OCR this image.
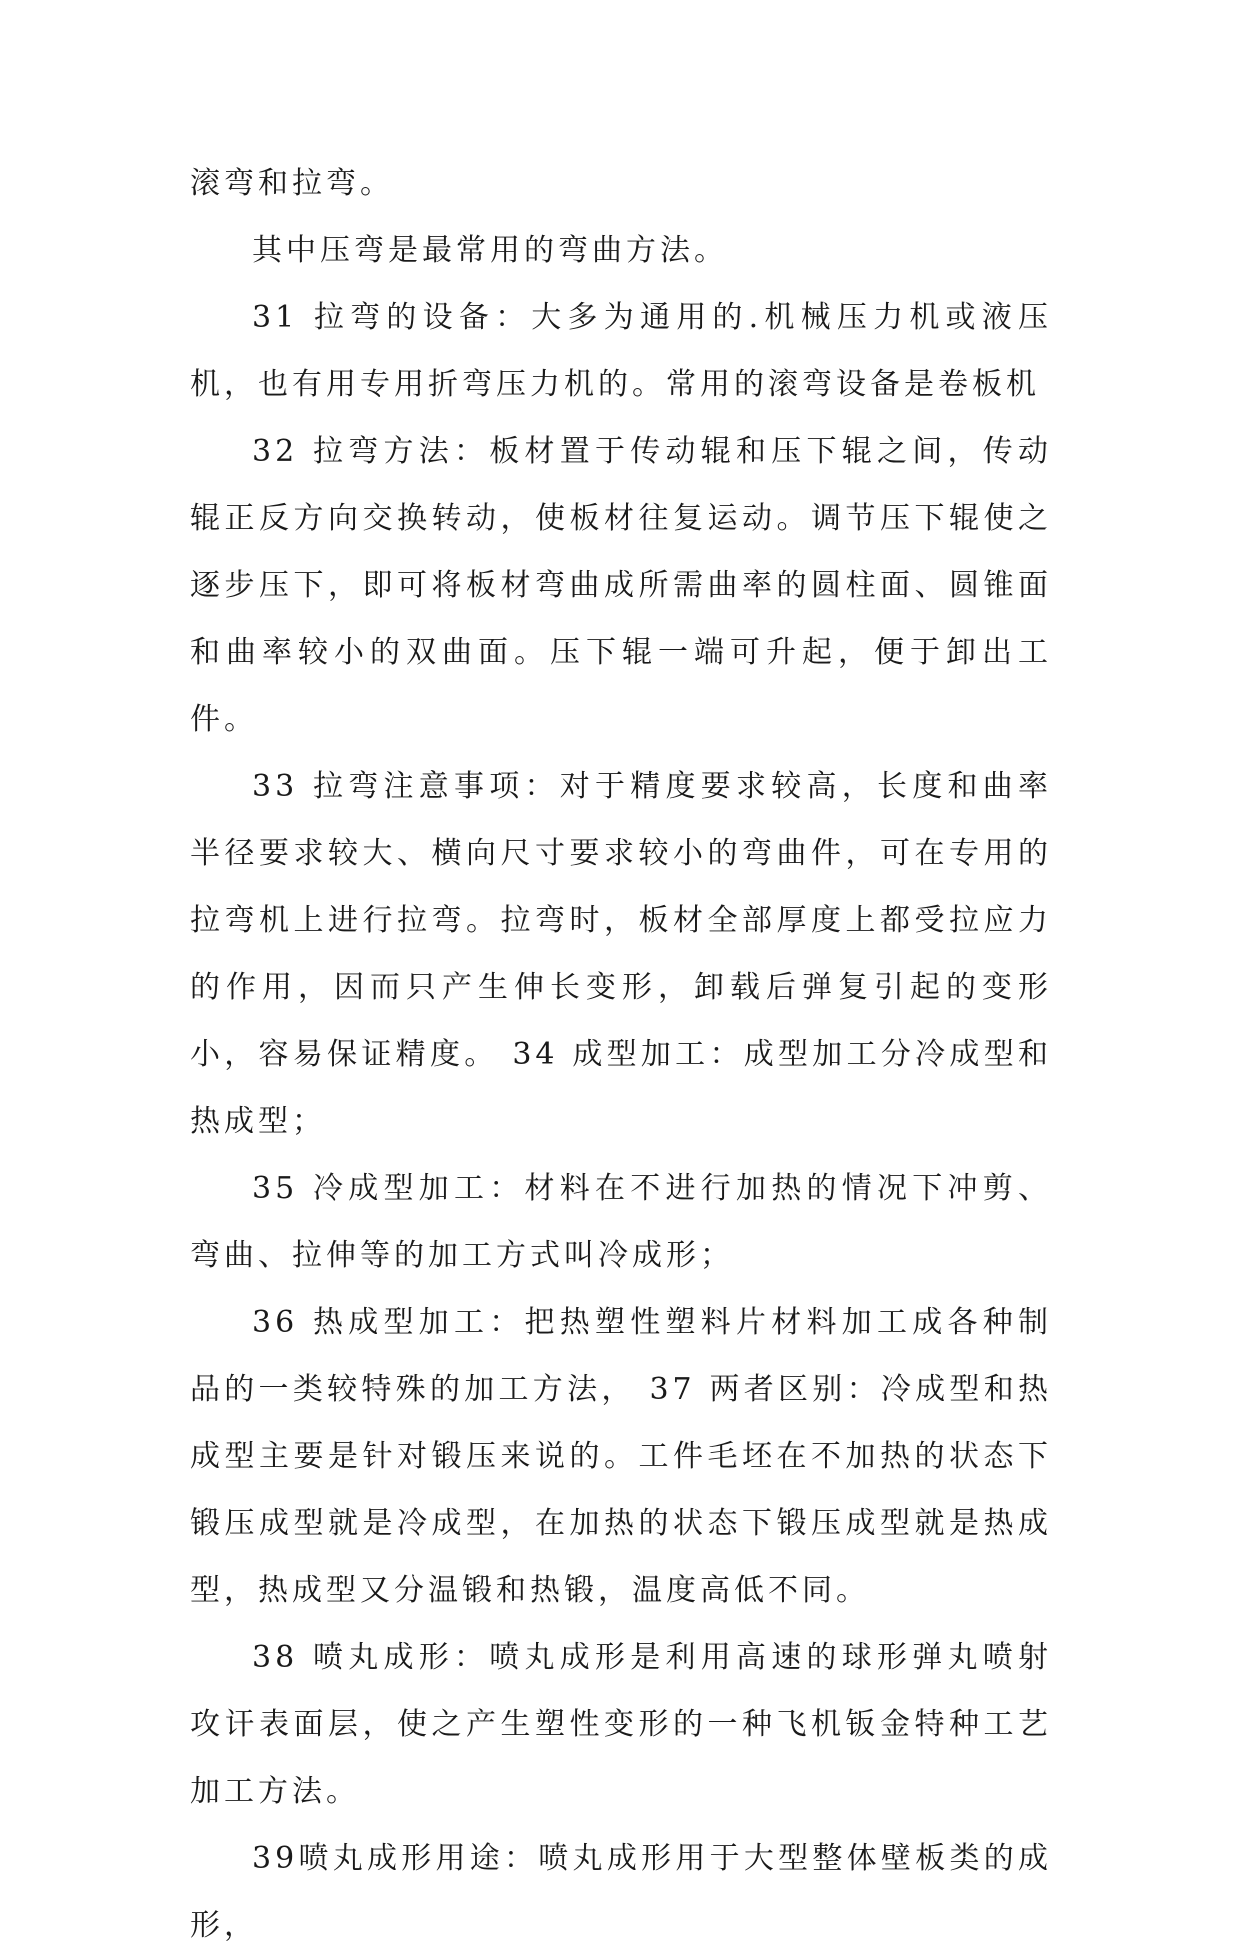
滚弯和拉弯。

其中压弯是最常用的弯曲方法。

31 拉弯的设备：大多为通用的.机械压力机或液压机，也有用专用折弯压力机的。常用的滚弯设备是卷板机

32 拉弯方法：板材置于传动辊和压下辊之间，传动辊正反方向交换转动，使板材往复运动。调节压下辊使之逐步压下，即可将板材弯曲成所需曲率的圆柱面、圆锥面和曲率较小的双曲面。压下辊一端可升起，便于卸出工件。

33 拉弯注意事项：对于精度要求较高，长度和曲率半径要求较大、横向尺寸要求较小的弯曲件，可在专用的拉弯机上进行拉弯。拉弯时，板材全部厚度上都受拉应力的作用，因而只产生伸长变形，卸载后弹复引起的变形小，容易保证精度。 34 成型加工：成型加工分冷成型和热成型；

35 冷成型加工：材料在不进行加热的情况下冲剪、弯曲、拉伸等的加工方式叫冷成形；

36 热成型加工：把热塑性塑料片材料加工成各种制品的一类较特殊的加工方法， 37 两者区别：冷成型和热成型主要是针对锻压来说的。工件毛坯在不加热的状态下锻压成型就是冷成型，在加热的状态下锻压成型就是热成型，热成型又分温锻和热锻，温度高低不同。

38 喷丸成形：喷丸成形是利用高速的球形弹丸喷射攻讦表面层，使之产生塑性变形的一种飞机钣金特种工艺加工方法。

39喷丸成形用途：喷丸成形用于大型整体壁板类的成形，
